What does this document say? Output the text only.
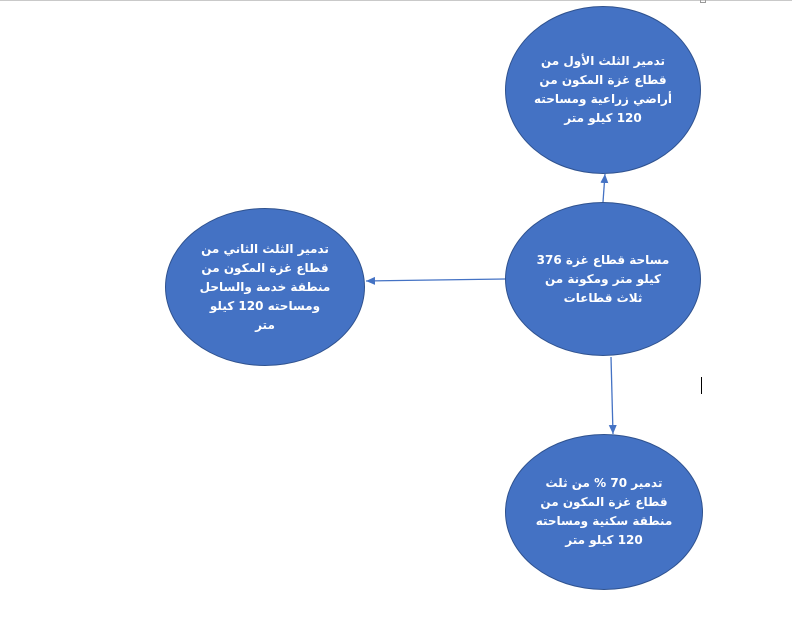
تدمير الثلث الأول من
قطاع غزة المكون من
أراضي زراعية ومساحته
120 كيلو متر
مساحة قطاع غزة 376
كيلو متر ومكونة من
ثلاث قطاعات
تدمير الثلث الثاني من
قطاع غزة المكون من
منطقة خدمة والساحل
ومساحته 120 كيلو
متر
تدمير 70 % من ثلث
قطاع غزة المكون من
منطقة سكنية ومساحته
120 كيلو متر
